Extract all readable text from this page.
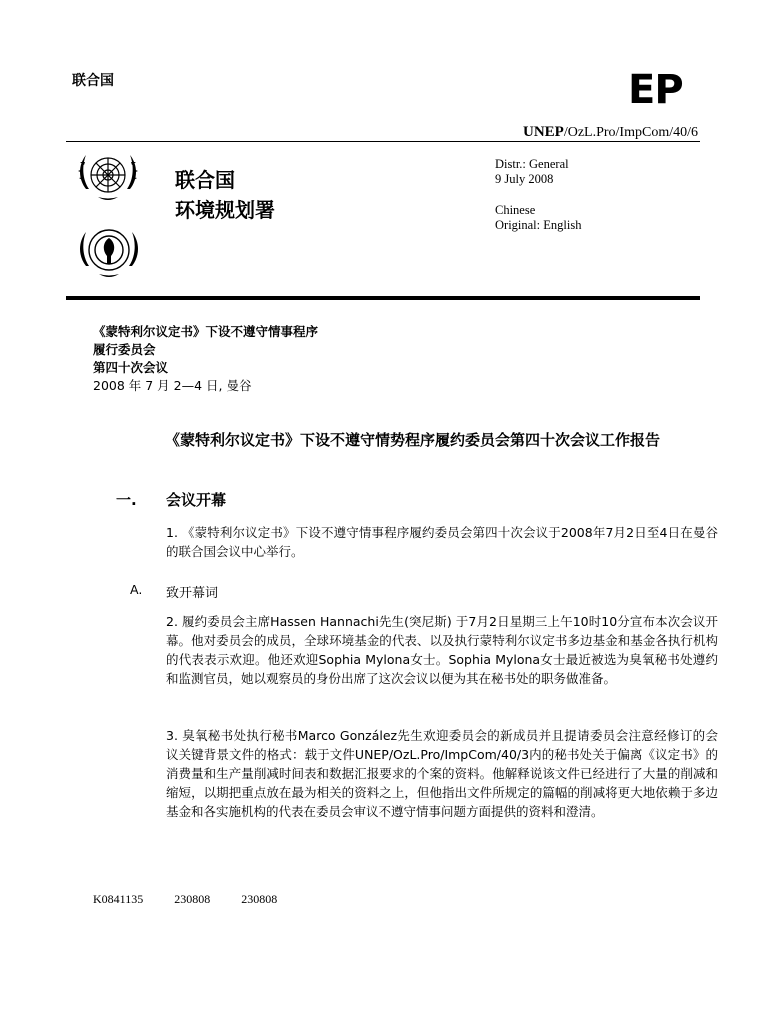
联合国	EP
UNEP/OzL.Pro/ImpCom/40/6
联合国
环境规划署
Distr.: General
9 July 2008
Chinese
Original: English
《蒙特利尔议定书》下设不遵守情事程序
履行委员会
第四十次会议
2008 年 7 月 2—4 日, 曼谷
《蒙特利尔议定书》下设不遵守情势程序履约委员会第四十次会议工作报告
一. 会议开幕
1. 《蒙特利尔议定书》下设不遵守情事程序履约委员会第四十次会议于2008年7月2日至4日在曼谷的联合国会议中心举行。
A. 致开幕词
2. 履约委员会主席Hassen Hannachi先生(突尼斯) 于7月2日星期三上午10时10分宣布本次会议开幕。他对委员会的成员，全球环境基金的代表、以及执行蒙特利尔议定书多边基金和基金各执行机构的代表表示欢迎。他还欢迎Sophia Mylona女士。Sophia Mylona女士最近被选为臭氧秘书处遵约和监测官员，她以观察员的身份出席了这次会议以便为其在秘书处的职务做准备。
3. 臭氧秘书处执行秘书Marco González先生欢迎委员会的新成员并且提请委员会注意经修订的会议关键背景文件的格式：载于文件UNEP/OzL.Pro/ImpCom/40/3内的秘书处关于偏离《议定书》的消费量和生产量削减时间表和数据汇报要求的个案的资料。他解释说该文件已经进行了大量的削减和缩短，以期把重点放在最为相关的资料之上，但他指出文件所规定的篇幅的削减将更大地依赖于多边基金和各实施机构的代表在委员会审议不遵守情事问题方面提供的资料和澄清。
K0841135	230808	230808
